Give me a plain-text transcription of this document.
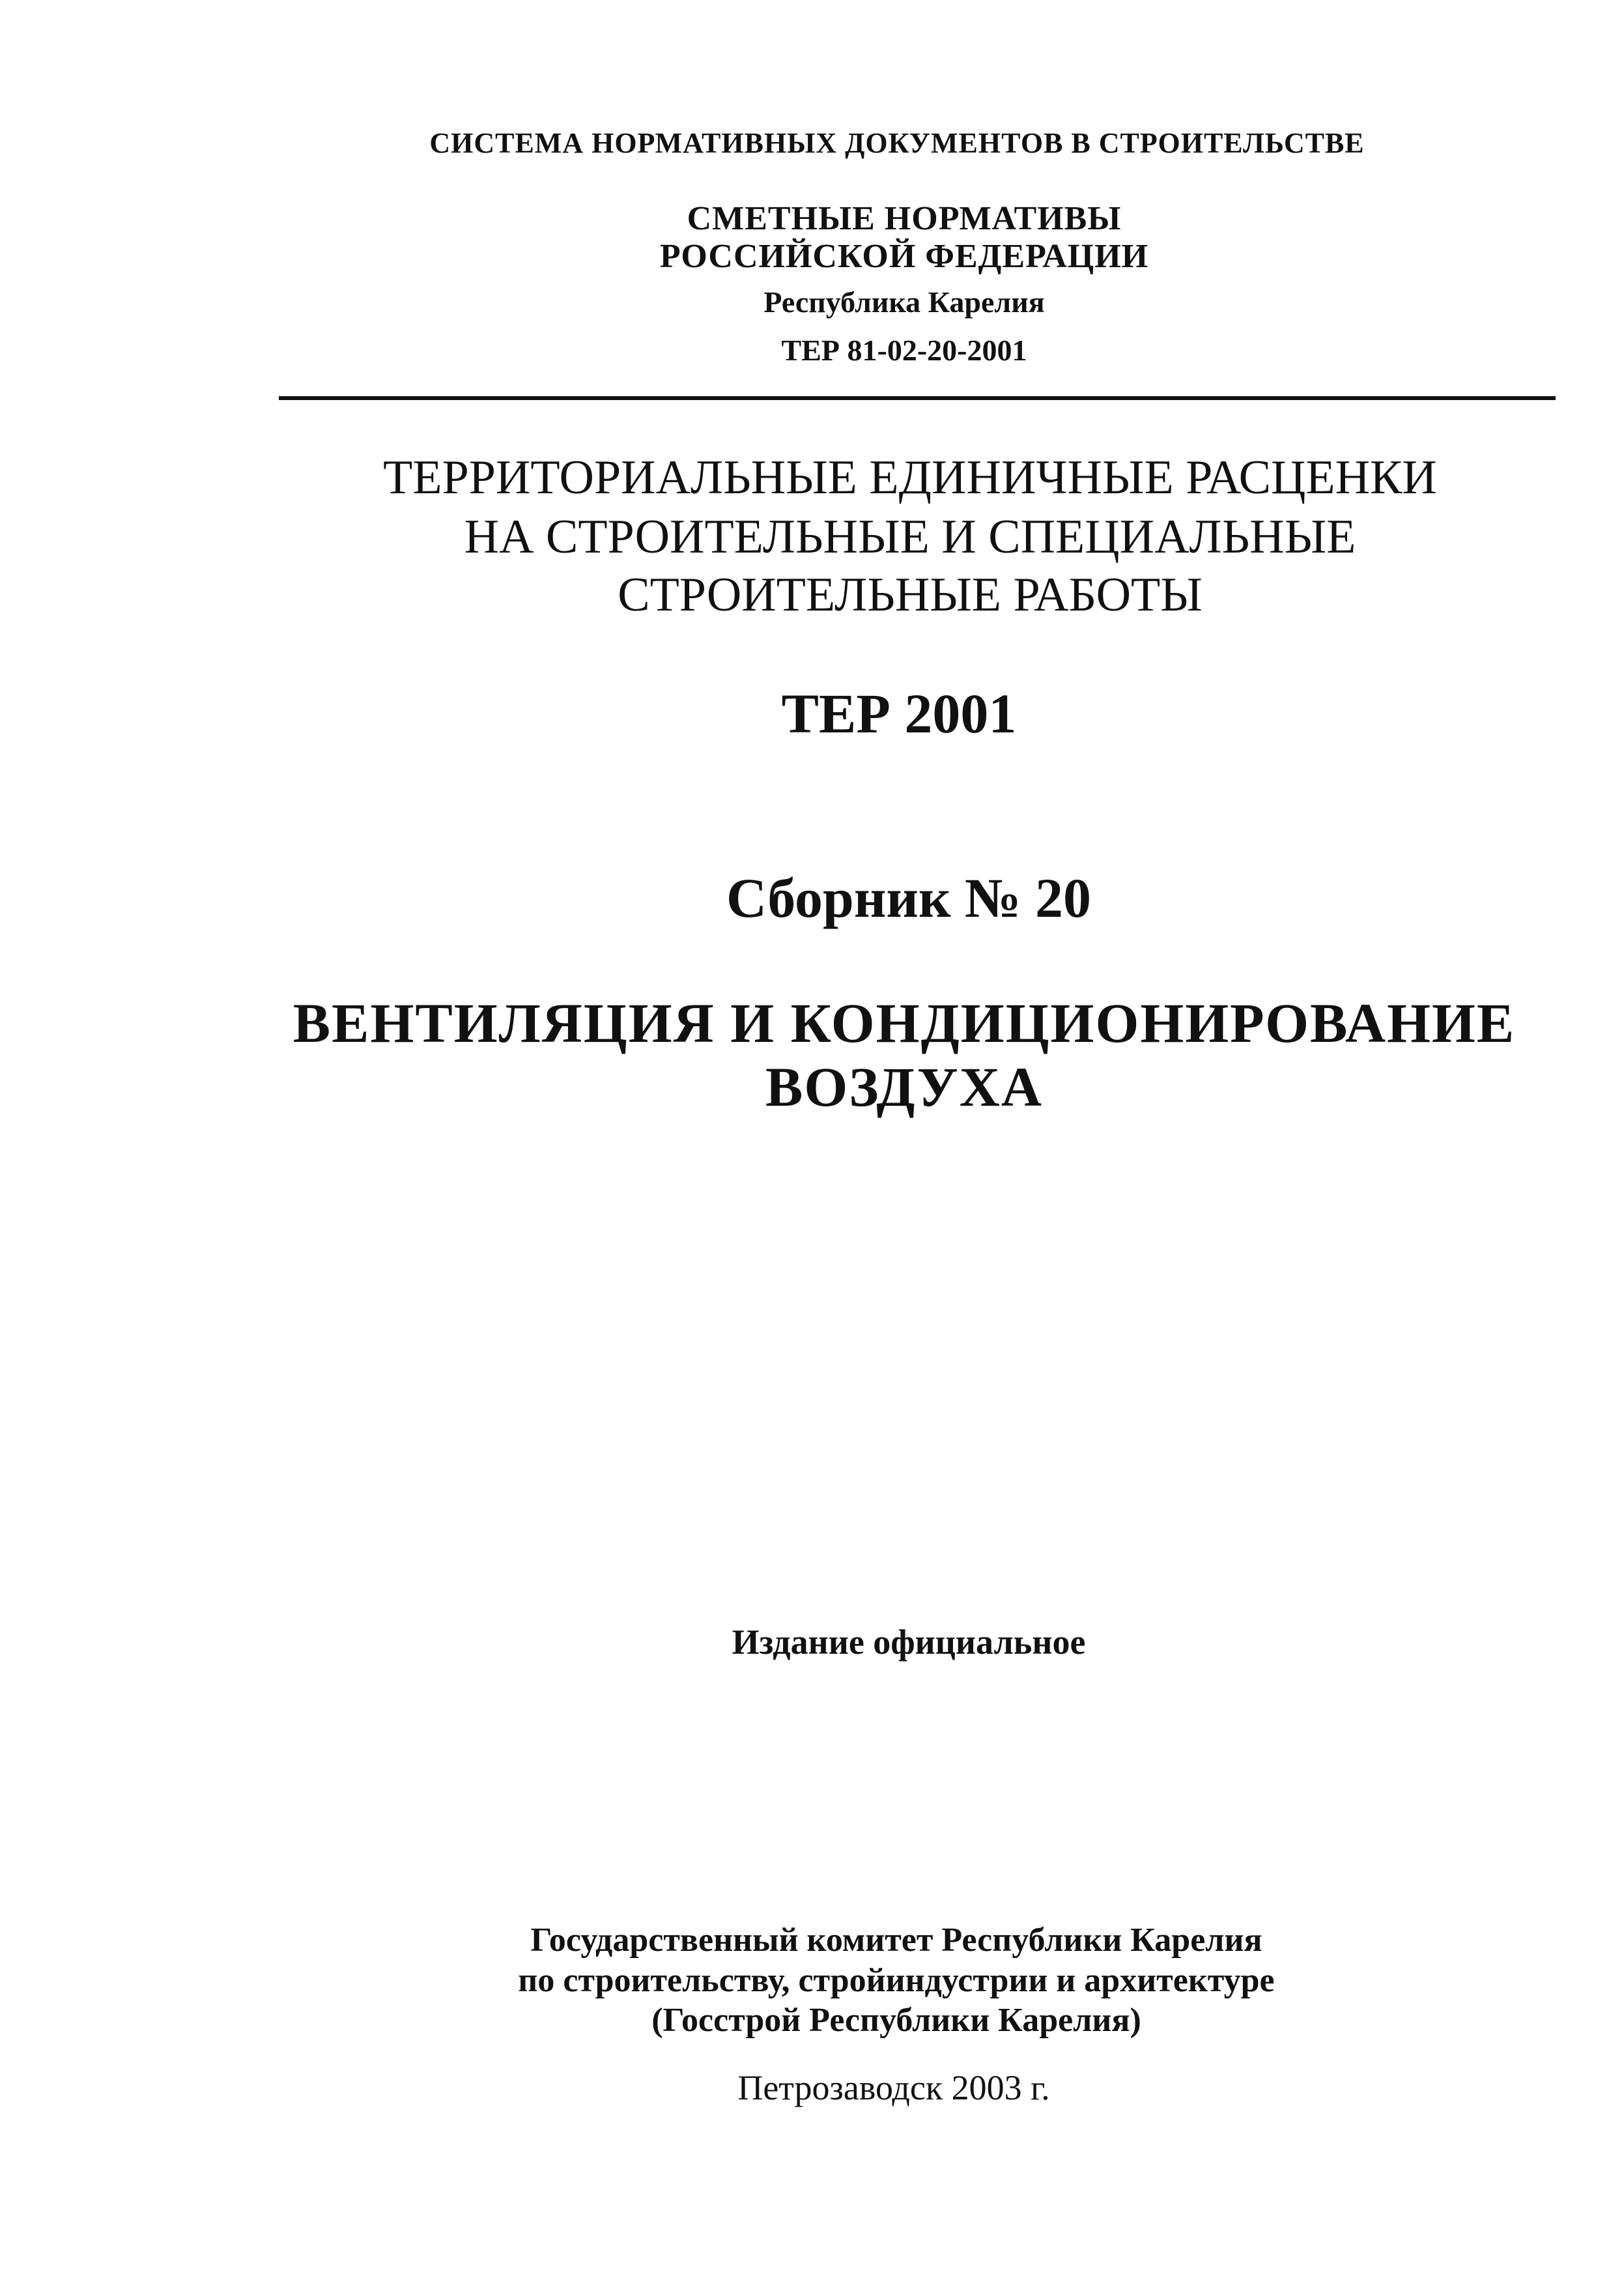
СИСТЕМА НОРМАТИВНЫХ ДОКУМЕНТОВ В СТРОИТЕЛЬСТВЕ
СМЕТНЫЕ НОРМАТИВЫ
РОССИЙСКОЙ ФЕДЕРАЦИИ
Республика Карелия
ТЕР 81-02-20-2001
ТЕРРИТОРИАЛЬНЫЕ ЕДИНИЧНЫЕ РАСЦЕНКИ
НА СТРОИТЕЛЬНЫЕ И СПЕЦИАЛЬНЫЕ
СТРОИТЕЛЬНЫЕ РАБОТЫ
ТЕР 2001
Сборник № 20
ВЕНТИЛЯЦИЯ И КОНДИЦИОНИРОВАНИЕ
ВОЗДУХА
Издание официальное
Государственный комитет Республики Карелия
по строительству, стройиндустрии и архитектуре
(Госстрой Республики Карелия)
Петрозаводск 2003 г.
